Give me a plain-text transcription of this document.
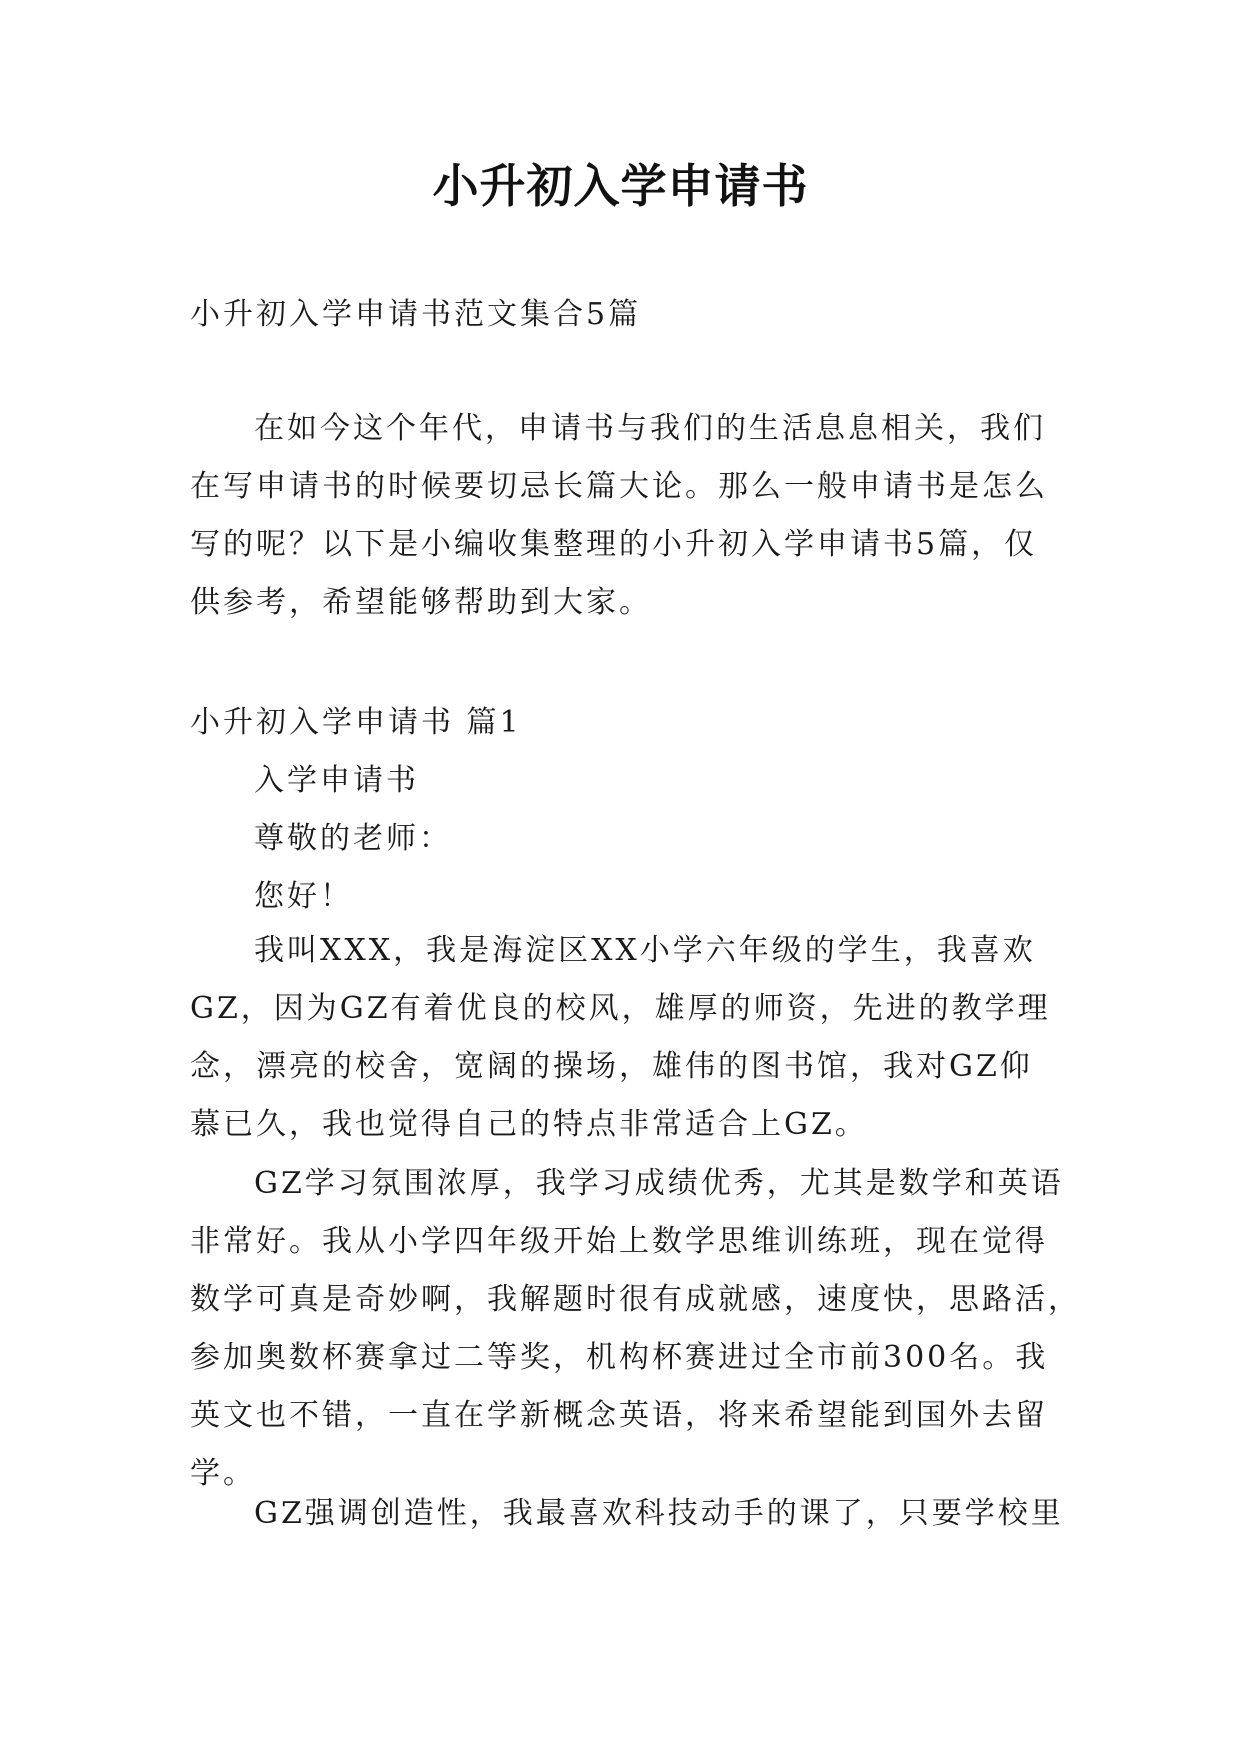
小升初入学申请书
小升初入学申请书范文集合5篇
在如今这个年代，申请书与我们的生活息息相关，我们
在写申请书的时候要切忌长篇大论。那么一般申请书是怎么
写的呢？以下是小编收集整理的小升初入学申请书5篇，仅
供参考，希望能够帮助到大家。
小升初入学申请书 篇1
入学申请书
尊敬的老师：
您好！
我叫XXX，我是海淀区XX小学六年级的学生，我喜欢
GZ，因为GZ有着优良的校风，雄厚的师资，先进的教学理
念，漂亮的校舍，宽阔的操场，雄伟的图书馆，我对GZ仰
慕已久，我也觉得自己的特点非常适合上GZ。
GZ学习氛围浓厚，我学习成绩优秀，尤其是数学和英语
非常好。我从小学四年级开始上数学思维训练班，现在觉得
数学可真是奇妙啊，我解题时很有成就感，速度快，思路活，
参加奥数杯赛拿过二等奖，机构杯赛进过全市前300名。我
英文也不错，一直在学新概念英语，将来希望能到国外去留
学。
GZ强调创造性，我最喜欢科技动手的课了，只要学校里
